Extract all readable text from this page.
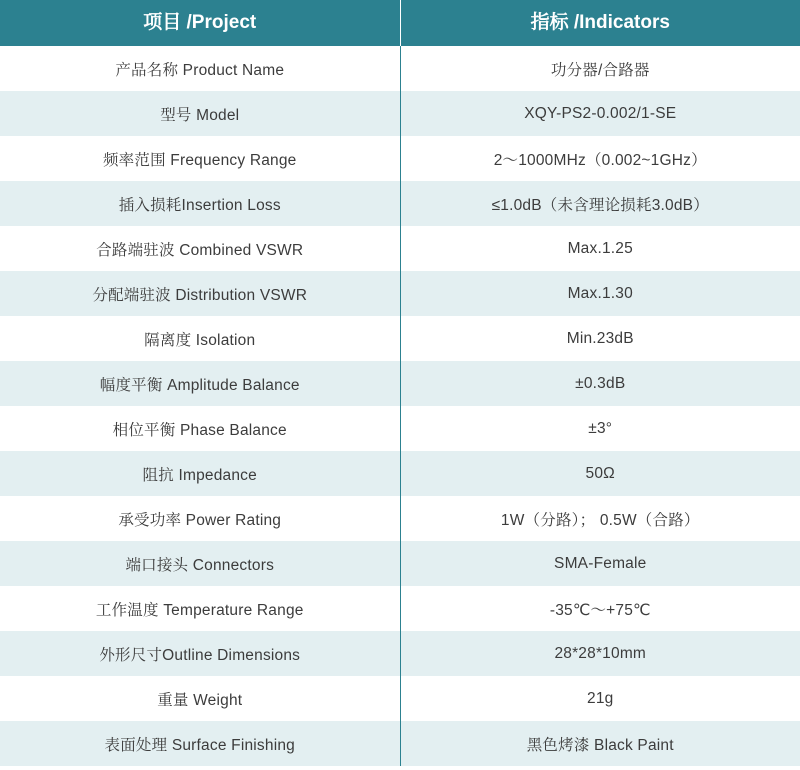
项目 /Project	指标 /Indicators
产品名称 Product Name	功分器/合路器
型号 Model	XQY-PS2-0.002/1-SE
频率范围 Frequency Range	2～1000MHz（0.002~1GHz）
插入损耗Insertion Loss	≤1.0dB（未含理论损耗3.0dB）
合路端驻波 Combined VSWR	Max.1.25
分配端驻波 Distribution VSWR	Max.1.30
隔离度 Isolation	Min.23dB
幅度平衡 Amplitude Balance	±0.3dB
相位平衡 Phase Balance	±3°
阻抗 Impedance	50Ω
承受功率 Power Rating	1W（分路）； 0.5W（合路）
端口接头 Connectors	SMA-Female
工作温度 Temperature Range	-35℃～+75℃
外形尺寸Outline Dimensions	28*28*10mm
重量 Weight	21g
表面处理 Surface Finishing	黑色烤漆 Black Paint
